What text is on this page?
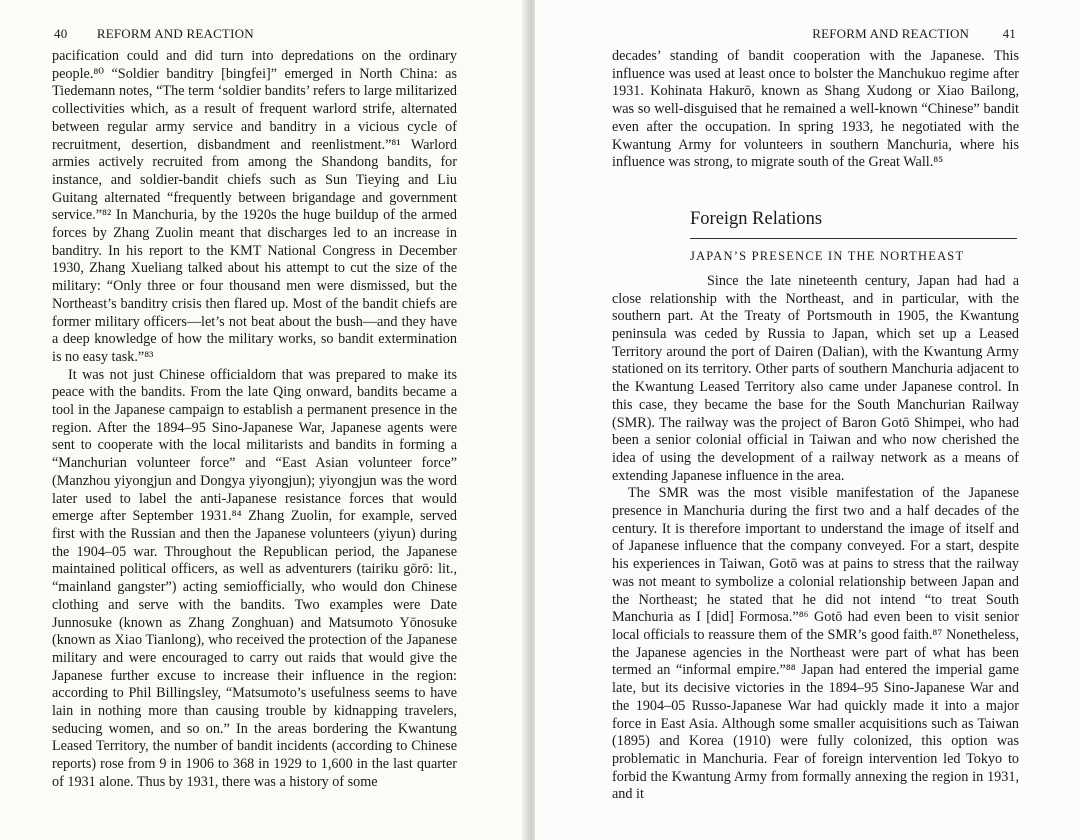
40 REFORM AND REACTION

pacification could and did turn into depredations on the ordinary people.⁸⁰ “Soldier banditry [bingfei]” emerged in North China: as Tiedemann notes, “The term ‘soldier bandits’ refers to large militarized collectivities which, as a result of frequent warlord strife, alternated between regular army service and banditry in a vicious cycle of recruitment, desertion, disbandment and reenlistment.”⁸¹ Warlord armies actively recruited from among the Shandong bandits, for instance, and soldier-bandit chiefs such as Sun Tieying and Liu Guitang alternated “frequently between brigandage and government service.”⁸² In Manchuria, by the 1920s the huge buildup of the armed forces by Zhang Zuolin meant that discharges led to an increase in banditry. In his report to the KMT National Congress in December 1930, Zhang Xueliang talked about his attempt to cut the size of the military: “Only three or four thousand men were dismissed, but the Northeast’s banditry crisis then flared up. Most of the bandit chiefs are former military officers—let’s not beat about the bush—and they have a deep knowledge of how the military works, so bandit extermination is no easy task.”⁸³

It was not just Chinese officialdom that was prepared to make its peace with the bandits. From the late Qing onward, bandits became a tool in the Japanese campaign to establish a permanent presence in the region. After the 1894–95 Sino-Japanese War, Japanese agents were sent to cooperate with the local militarists and bandits in forming a “Manchurian volunteer force” and “East Asian volunteer force” (Manzhou yiyongjun and Dongya yiyongjun); yiyongjun was the word later used to label the anti-Japanese resistance forces that would emerge after September 1931.⁸⁴ Zhang Zuolin, for example, served first with the Russian and then the Japanese volunteers (yiyun) during the 1904–05 war. Throughout the Republican period, the Japanese maintained political officers, as well as adventurers (tairiku gōrō: lit., “mainland gangster”) acting semiofficially, who would don Chinese clothing and serve with the bandits. Two examples were Date Junnosuke (known as Zhang Zonghuan) and Matsumoto Yōnosuke (known as Xiao Tianlong), who received the protection of the Japanese military and were encouraged to carry out raids that would give the Japanese further excuse to increase their influence in the region: according to Phil Billingsley, “Matsumoto’s usefulness seems to have lain in nothing more than causing trouble by kidnapping travelers, seducing women, and so on.” In the areas bordering the Kwantung Leased Territory, the number of bandit incidents (according to Chinese reports) rose from 9 in 1906 to 368 in 1929 to 1,600 in the last quarter of 1931 alone. Thus by 1931, there was a history of some

REFORM AND REACTION	41

decades’ standing of bandit cooperation with the Japanese. This influence was used at least once to bolster the Manchukuo regime after 1931. Kohinata Hakurō, known as Shang Xudong or Xiao Bailong, was so well-disguised that he remained a well-known “Chinese” bandit even after the occupation. In spring 1933, he negotiated with the Kwantung Army for volunteers in southern Manchuria, where his influence was strong, to migrate south of the Great Wall.⁸⁵

Foreign Relations
JAPAN’S PRESENCE IN THE NORTHEAST

Since the late nineteenth century, Japan had had a close relationship with the Northeast, and in particular, with the southern part. At the Treaty of Portsmouth in 1905, the Kwantung peninsula was ceded by Russia to Japan, which set up a Leased Territory around the port of Dairen (Dalian), with the Kwantung Army stationed on its territory. Other parts of southern Manchuria adjacent to the Kwantung Leased Territory also came under Japanese control. In this case, they became the base for the South Manchurian Railway (SMR). The railway was the project of Baron Gotō Shimpei, who had been a senior colonial official in Taiwan and who now cherished the idea of using the development of a railway network as a means of extending Japanese influence in the area.

The SMR was the most visible manifestation of the Japanese presence in Manchuria during the first two and a half decades of the century. It is therefore important to understand the image of itself and of Japanese influence that the company conveyed. For a start, despite his experiences in Taiwan, Gotō was at pains to stress that the railway was not meant to symbolize a colonial relationship between Japan and the Northeast; he stated that he did not intend “to treat South Manchuria as I [did] Formosa.”⁸⁶ Gotō had even been to visit senior local officials to reassure them of the SMR’s good faith.⁸⁷ Nonetheless, the Japanese agencies in the Northeast were part of what has been termed an “informal empire.”⁸⁸ Japan had entered the imperial game late, but its decisive victories in the 1894–95 Sino-Japanese War and the 1904–05 Russo-Japanese War had quickly made it into a major force in East Asia. Although some smaller acquisitions such as Taiwan (1895) and Korea (1910) were fully colonized, this option was problematic in Manchuria. Fear of foreign intervention led Tokyo to forbid the Kwantung Army from formally annexing the region in 1931, and it
